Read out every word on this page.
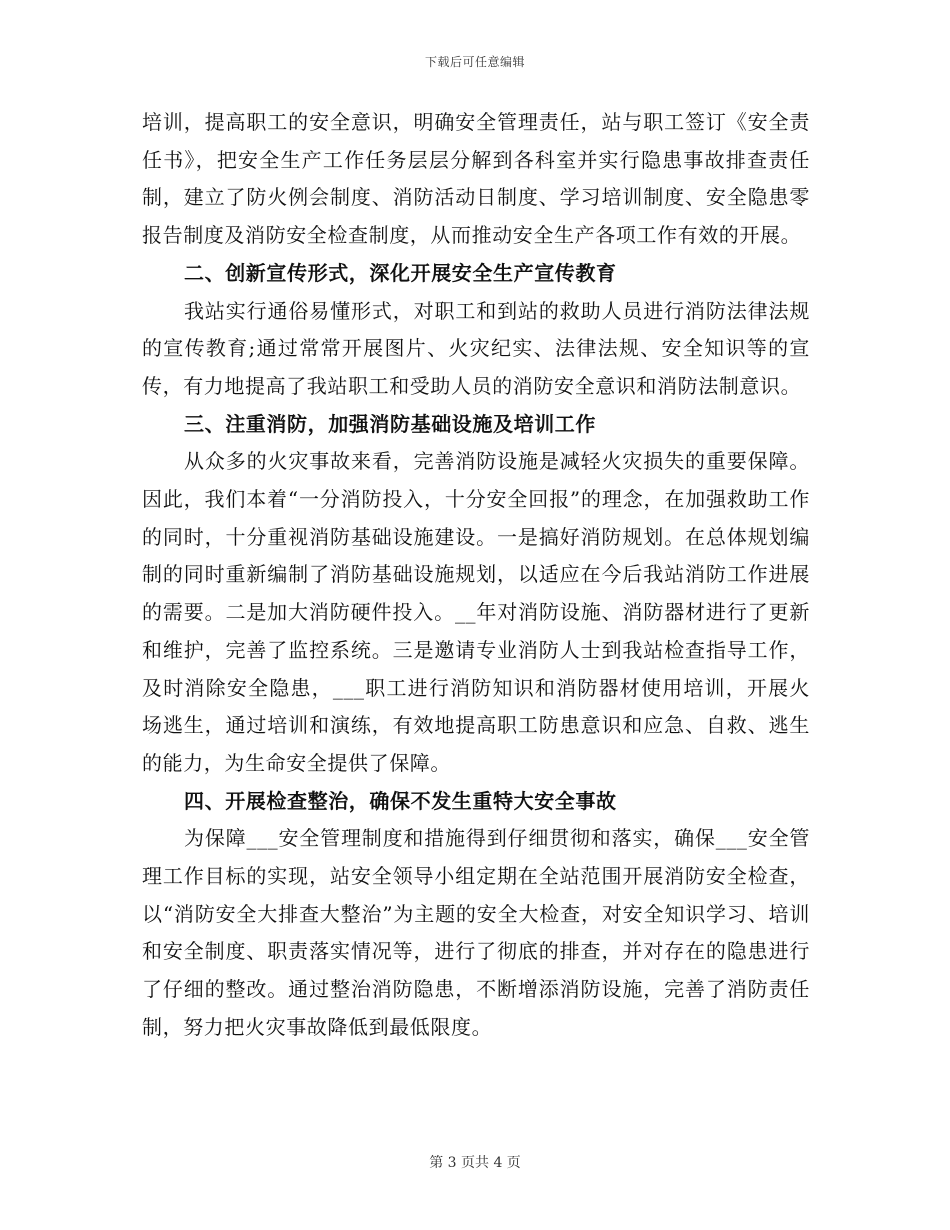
下载后可任意编辑

培训，提高职工的安全意识，明确安全管理责任，站与职工签订《安全责任书》，把安全生产工作任务层层分解到各科室并实行隐患事故排查责任制，建立了防火例会制度、消防活动日制度、学习培训制度、安全隐患零报告制度及消防安全检查制度，从而推动安全生产各项工作有效的开展。

二、创新宣传形式，深化开展安全生产宣传教育

我站实行通俗易懂形式，对职工和到站的救助人员进行消防法律法规的宣传教育;通过常常开展图片、火灾纪实、法律法规、安全知识等的宣传，有力地提高了我站职工和受助人员的消防安全意识和消防法制意识。

三、注重消防，加强消防基础设施及培训工作

从众多的火灾事故来看，完善消防设施是减轻火灾损失的重要保障。因此，我们本着“一分消防投入，十分安全回报”的理念，在加强救助工作的同时，十分重视消防基础设施建设。一是搞好消防规划。在总体规划编制的同时重新编制了消防基础设施规划，以适应在今后我站消防工作进展的需要。二是加大消防硬件投入。__年对消防设施、消防器材进行了更新和维护，完善了监控系统。三是邀请专业消防人士到我站检查指导工作，及时消除安全隐患，___职工进行消防知识和消防器材使用培训，开展火场逃生，通过培训和演练，有效地提高职工防患意识和应急、自救、逃生的能力，为生命安全提供了保障。

四、开展检查整治，确保不发生重特大安全事故

为保障___安全管理制度和措施得到仔细贯彻和落实，确保___安全管理工作目标的实现，站安全领导小组定期在全站范围开展消防安全检查，以“消防安全大排查大整治”为主题的安全大检查，对安全知识学习、培训和安全制度、职责落实情况等，进行了彻底的排查，并对存在的隐患进行了仔细的整改。通过整治消防隐患，不断增添消防设施，完善了消防责任制，努力把火灾事故降低到最低限度。

第 3 页共 4 页
